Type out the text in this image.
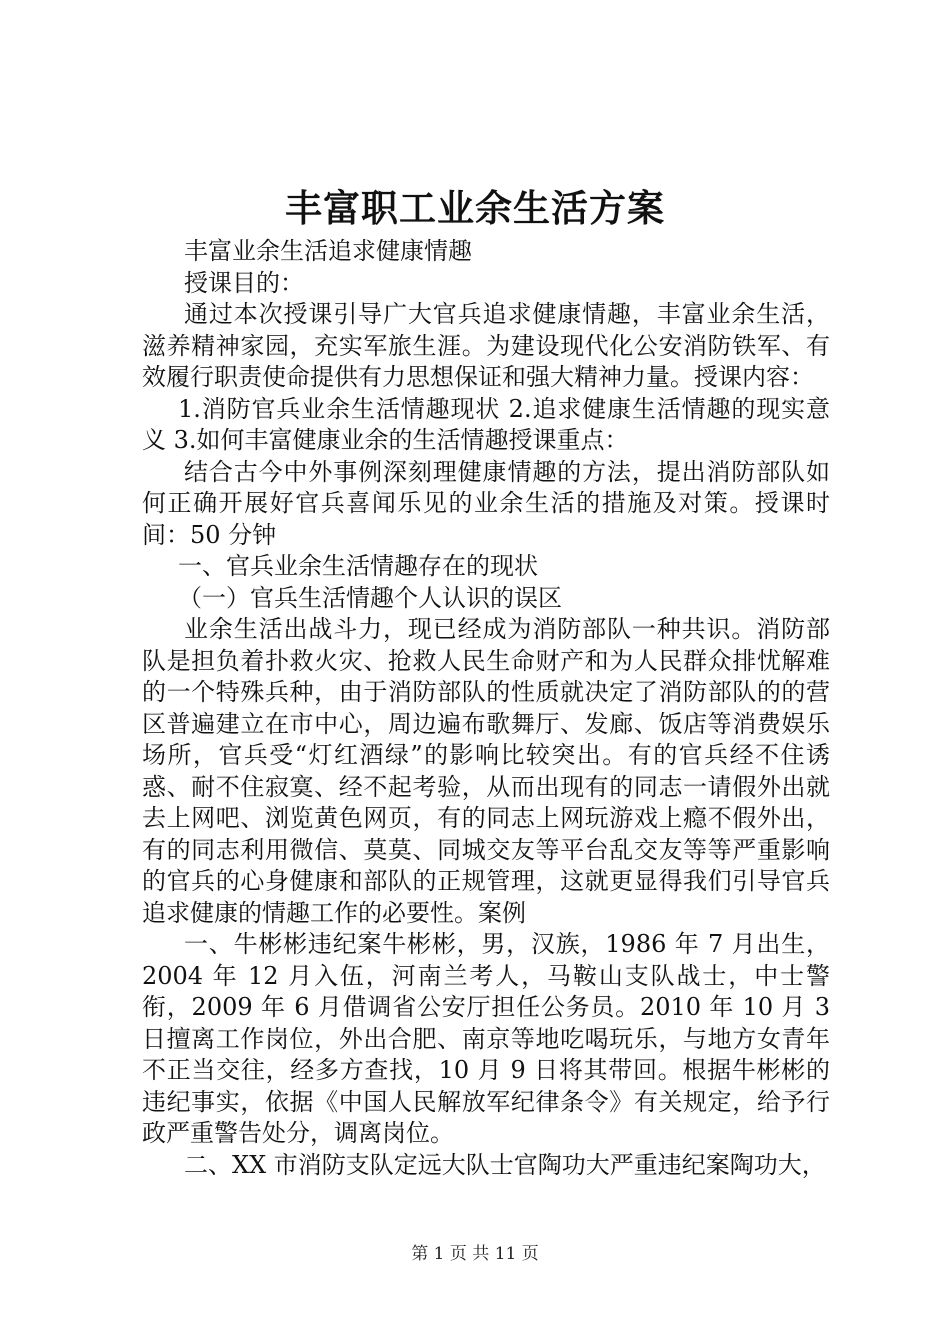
丰富职工业余生活方案

丰富业余生活追求健康情趣

授课目的：

通过本次授课引导广大官兵追求健康情趣，丰富业余生活，滋养精神家园，充实军旅生涯。为建设现代化公安消防铁军、有效履行职责使命提供有力思想保证和强大精神力量。授课内容：

1.消防官兵业余生活情趣现状 2.追求健康生活情趣的现实意义 3.如何丰富健康业余的生活情趣授课重点：

结合古今中外事例深刻理健康情趣的方法，提出消防部队如何正确开展好官兵喜闻乐见的业余生活的措施及对策。授课时间：50 分钟

一、官兵业余生活情趣存在的现状

（一）官兵生活情趣个人认识的误区

业余生活出战斗力，现已经成为消防部队一种共识。消防部队是担负着扑救火灾、抢救人民生命财产和为人民群众排忧解难的一个特殊兵种，由于消防部队的性质就决定了消防部队的的营区普遍建立在市中心，周边遍布歌舞厅、发廊、饭店等消费娱乐场所，官兵受“灯红酒绿”的影响比较突出。有的官兵经不住诱惑、耐不住寂寞、经不起考验，从而出现有的同志一请假外出就去上网吧、浏览黄色网页，有的同志上网玩游戏上瘾不假外出，有的同志利用微信、莫莫、同城交友等平台乱交友等等严重影响的官兵的心身健康和部队的正规管理，这就更显得我们引导官兵追求健康的情趣工作的必要性。案例

一、牛彬彬违纪案牛彬彬，男，汉族，1986 年 7 月出生，2004 年 12 月入伍，河南兰考人，马鞍山支队战士，中士警衔，2009 年 6 月借调省公安厅担任公务员。2010 年 10 月 3 日擅离工作岗位，外出合肥、南京等地吃喝玩乐，与地方女青年不正当交往，经多方查找，10 月 9 日将其带回。根据牛彬彬的违纪事实，依据《中国人民解放军纪律条令》有关规定，给予行政严重警告处分，调离岗位。

二、XX 市消防支队定远大队士官陶功大严重违纪案陶功大，

第 1 页 共 11 页
